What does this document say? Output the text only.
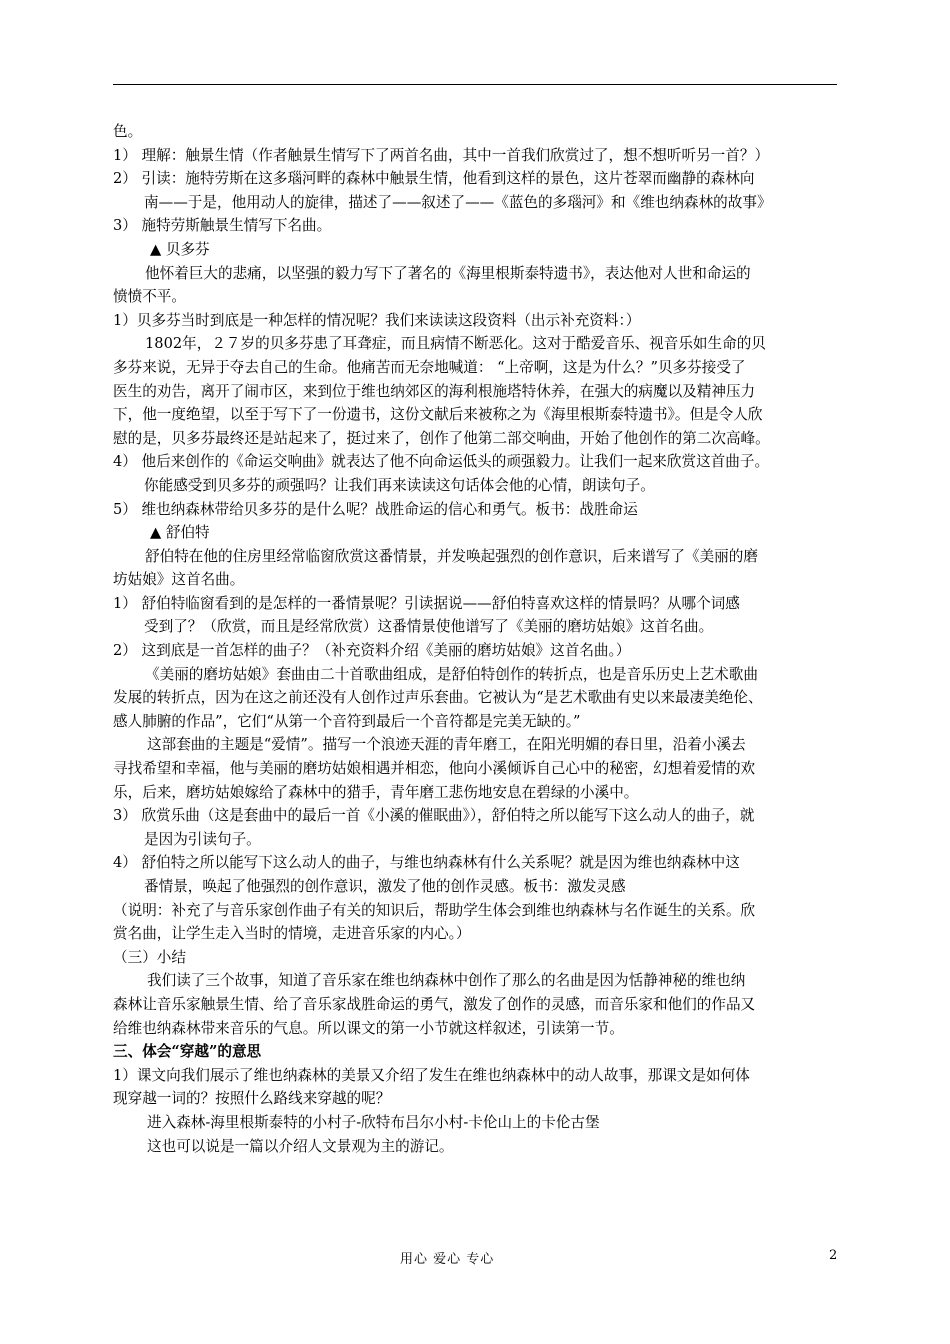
色。

1） 理解：触景生情（作者触景生情写下了两首名曲，其中一首我们欣赏过了，想不想听听另一首？）

2） 引读：施特劳斯在这多瑙河畔的森林中触景生情，他看到这样的景色，这片苍翠而幽静的森林向

南——于是，他用动人的旋律，描述了——叙述了——《蓝色的多瑙河》和《维也纳森林的故事》

3） 施特劳斯触景生情写下名曲。

▲ 贝多芬

他怀着巨大的悲痛，以坚强的毅力写下了著名的《海里根斯泰特遗书》，表达他对人世和命运的

愤愤不平。

1）贝多芬当时到底是一种怎样的情况呢？我们来读读这段资料（出示补充资料：）

1802年，２７岁的贝多芬患了耳聋症，而且病情不断恶化。这对于酷爱音乐、视音乐如生命的贝

多芬来说，无异于夺去自己的生命。他痛苦而无奈地喊道： “上帝啊，这是为什么？”贝多芬接受了

医生的劝告，离开了闹市区，来到位于维也纳郊区的海利根施塔特休养，在强大的病魔以及精神压力

下，他一度绝望，以至于写下了一份遗书，这份文献后来被称之为《海里根斯泰特遗书》。但是令人欣

慰的是，贝多芬最终还是站起来了，挺过来了，创作了他第二部交响曲，开始了他创作的第二次高峰。

4） 他后来创作的《命运交响曲》就表达了他不向命运低头的顽强毅力。让我们一起来欣赏这首曲子。

你能感受到贝多芬的顽强吗？让我们再来读读这句话体会他的心情，朗读句子。

5） 维也纳森林带给贝多芬的是什么呢？战胜命运的信心和勇气。板书：战胜命运

▲ 舒伯特

舒伯特在他的住房里经常临窗欣赏这番情景，并发唤起强烈的创作意识，后来谱写了《美丽的磨

坊姑娘》这首名曲。

1） 舒伯特临窗看到的是怎样的一番情景呢？引读据说——舒伯特喜欢这样的情景吗？从哪个词感

受到了？（欣赏，而且是经常欣赏）这番情景使他谱写了《美丽的磨坊姑娘》这首名曲。

2） 这到底是一首怎样的曲子？（补充资料介绍《美丽的磨坊姑娘》这首名曲。）

《美丽的磨坊姑娘》套曲由二十首歌曲组成，是舒伯特创作的转折点，也是音乐历史上艺术歌曲

发展的转折点，因为在这之前还没有人创作过声乐套曲。它被认为“是艺术歌曲有史以来最凄美绝伦、

感人肺腑的作品”，它们“从第一个音符到最后一个音符都是完美无缺的。”

这部套曲的主题是“爱情”。描写一个浪迹天涯的青年磨工，在阳光明媚的春日里，沿着小溪去

寻找希望和幸福，他与美丽的磨坊姑娘相遇并相恋，他向小溪倾诉自己心中的秘密，幻想着爱情的欢

乐，后来，磨坊姑娘嫁给了森林中的猎手，青年磨工悲伤地安息在碧绿的小溪中。

3） 欣赏乐曲（这是套曲中的最后一首《小溪的催眠曲》），舒伯特之所以能写下这么动人的曲子，就

是因为引读句子。

4） 舒伯特之所以能写下这么动人的曲子，与维也纳森林有什么关系呢？就是因为维也纳森林中这

番情景，唤起了他强烈的创作意识，激发了他的创作灵感。板书：激发灵感

（说明：补充了与音乐家创作曲子有关的知识后，帮助学生体会到维也纳森林与名作诞生的关系。欣

赏名曲，让学生走入当时的情境，走进音乐家的内心。）

（三）小结

我们读了三个故事，知道了音乐家在维也纳森林中创作了那么的名曲是因为恬静神秘的维也纳

森林让音乐家触景生情、给了音乐家战胜命运的勇气，激发了创作的灵感，而音乐家和他们的作品又

给维也纳森林带来音乐的气息。所以课文的第一小节就这样叙述，引读第一节。

三、体会“穿越”的意思

1）课文向我们展示了维也纳森林的美景又介绍了发生在维也纳森林中的动人故事，那课文是如何体

现穿越一词的？按照什么路线来穿越的呢？

进入森林-海里根斯泰特的小村子-欣特布吕尔小村-卡伦山上的卡伦古堡

这也可以说是一篇以介绍人文景观为主的游记。

用心 爱心 专心	2
